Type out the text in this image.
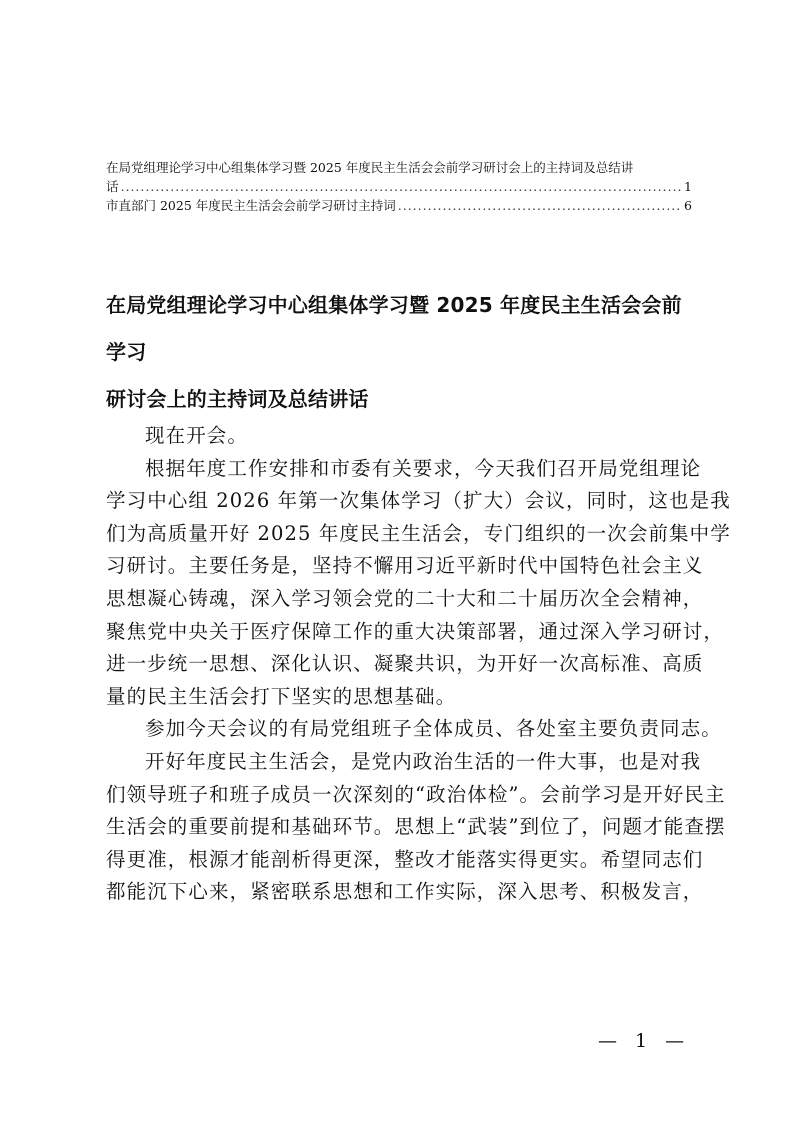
在局党组理论学习中心组集体学习暨 2025 年度民主生活会会前学习研讨会上的主持词及总结讲
话 .....	1
市直部门 2025 年度民主生活会会前学习研讨主持词 .....	6
在局党组理论学习中心组集体学习暨 2025 年度民主生活会会前学习
研讨会上的主持词及总结讲话
现在开会。
根据年度工作安排和市委有关要求，今天我们召开局党组理论
学习中心组 2026 年第一次集体学习（扩大）会议，同时，这也是我
们为高质量开好 2025 年度民主生活会，专门组织的一次会前集中学
习研讨。主要任务是，坚持不懈用习近平新时代中国特色社会主义
思想凝心铸魂，深入学习领会党的二十大和二十届历次全会精神，
聚焦党中央关于医疗保障工作的重大决策部署，通过深入学习研讨，
进一步统一思想、深化认识、凝聚共识，为开好一次高标准、高质
量的民主生活会打下坚实的思想基础。
参加今天会议的有局党组班子全体成员、各处室主要负责同志。
开好年度民主生活会，是党内政治生活的一件大事，也是对我
们领导班子和班子成员一次深刻的“政治体检”。会前学习是开好民主
生活会的重要前提和基础环节。思想上“武装”到位了，问题才能查摆
得更准，根源才能剖析得更深，整改才能落实得更实。希望同志们
都能沉下心来，紧密联系思想和工作实际，深入思考、积极发言，
— 1 —
